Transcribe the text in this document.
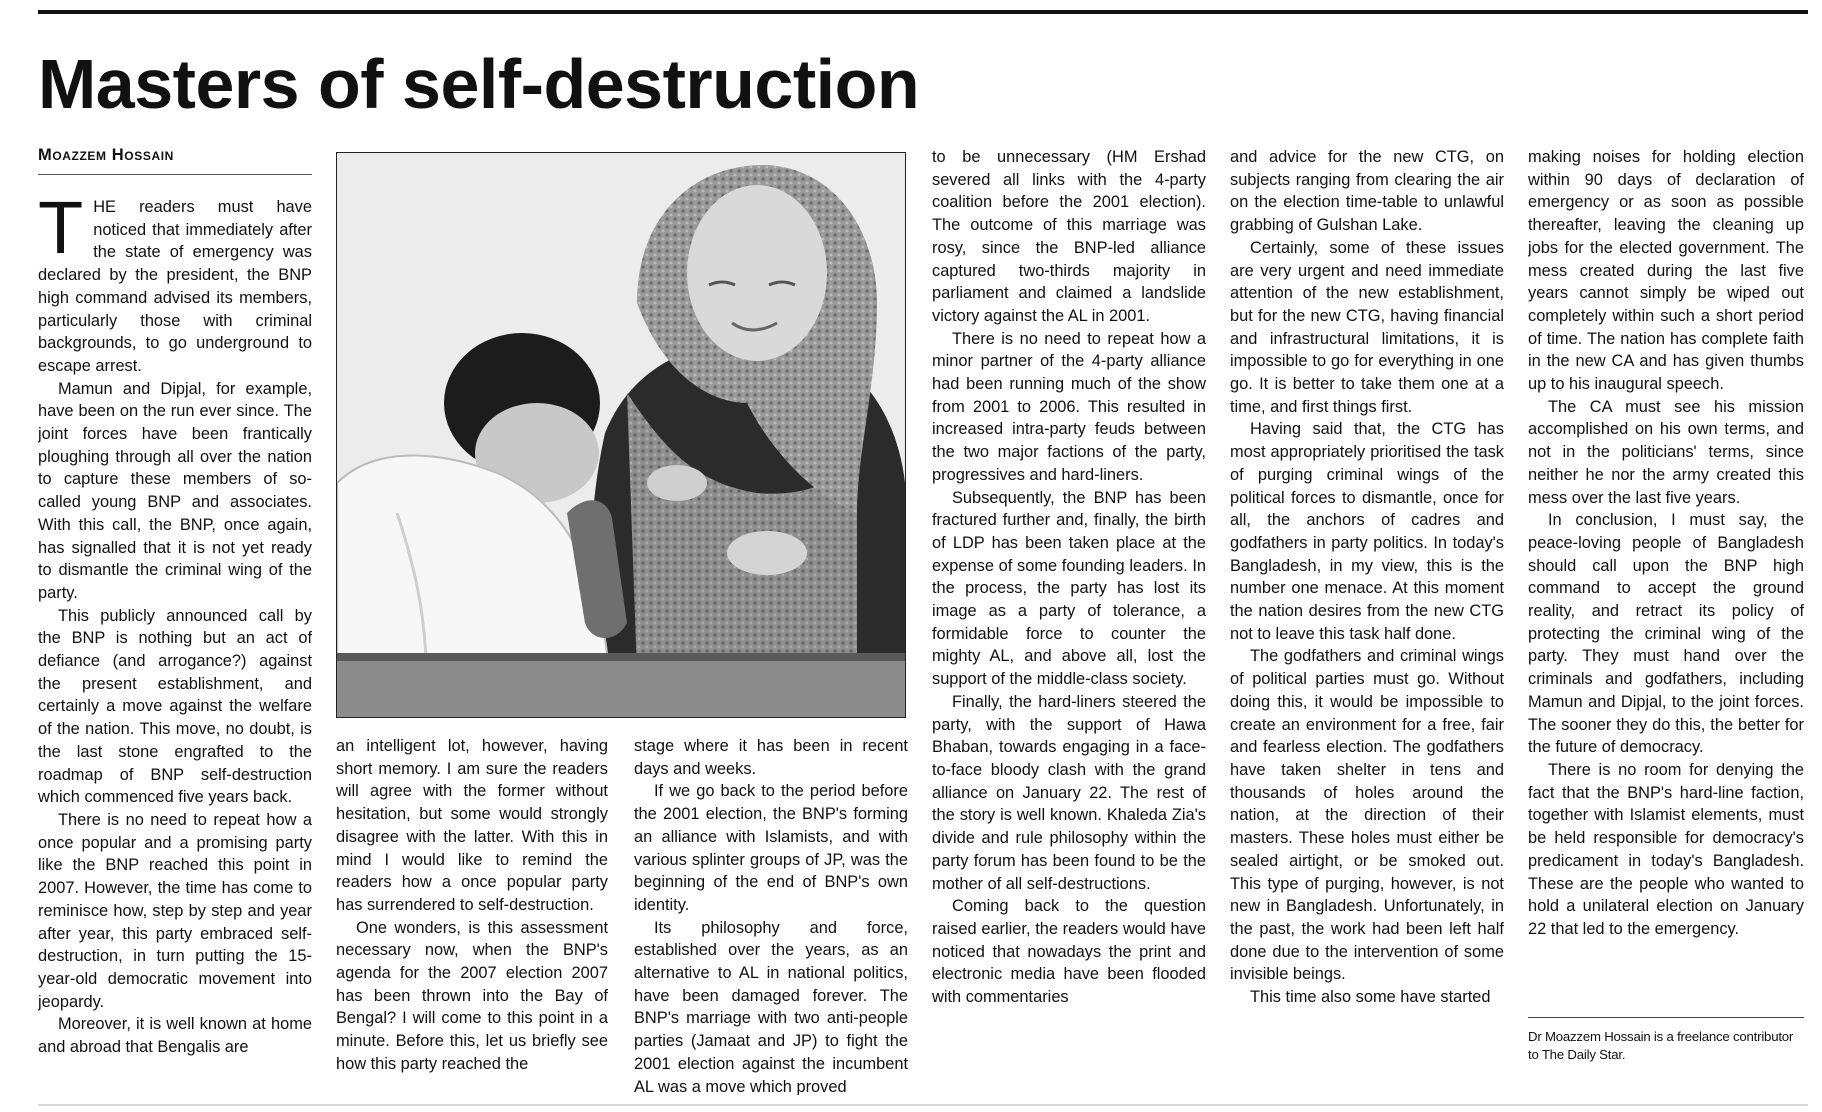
Masters of self-destruction
Moazzem Hossain

THE readers must have noticed that immediately after the state of emergency was declared by the president, the BNP high command advised its members, particularly those with criminal backgrounds, to go underground to escape arrest.

Mamun and Dipjal, for example, have been on the run ever since. The joint forces have been frantically ploughing through all over the nation to capture these members of so-called young BNP and associates. With this call, the BNP, once again, has signalled that it is not yet ready to dismantle the criminal wing of the party.

This publicly announced call by the BNP is nothing but an act of defiance (and arrogance?) against the present establishment, and certainly a move against the welfare of the nation. This move, no doubt, is the last stone engrafted to the roadmap of BNP self-destruction which commenced five years back.

There is no need to repeat how a once popular and a promising party like the BNP reached this point in 2007. However, the time has come to reminisce how, step by step and year after year, this party embraced self-destruction, in turn putting the 15-year-old democratic movement into jeopardy.

Moreover, it is well known at home and abroad that Bengalis are

an intelligent lot, however, having short memory. I am sure the readers will agree with the former without hesitation, but some would strongly disagree with the latter. With this in mind I would like to remind the readers how a once popular party has surrendered to self-destruction.

One wonders, is this assessment necessary now, when the BNP's agenda for the 2007 election 2007 has been thrown into the Bay of Bengal? I will come to this point in a minute. Before this, let us briefly see how this party reached the

stage where it has been in recent days and weeks.

If we go back to the period before the 2001 election, the BNP's forming an alliance with Islamists, and with various splinter groups of JP, was the beginning of the end of BNP's own identity.

Its philosophy and force, established over the years, as an alternative to AL in national politics, have been damaged forever. The BNP's marriage with two anti-people parties (Jamaat and JP) to fight the 2001 election against the incumbent AL was a move which proved

to be unnecessary (HM Ershad severed all links with the 4-party coalition before the 2001 election). The outcome of this marriage was rosy, since the BNP-led alliance captured two-thirds majority in parliament and claimed a landslide victory against the AL in 2001.

There is no need to repeat how a minor partner of the 4-party alliance had been running much of the show from 2001 to 2006. This resulted in increased intra-party feuds between the two major factions of the party, progressives and hard-liners.

Subsequently, the BNP has been fractured further and, finally, the birth of LDP has been taken place at the expense of some founding leaders. In the process, the party has lost its image as a party of tolerance, a formidable force to counter the mighty AL, and above all, lost the support of the middle-class society.

Finally, the hard-liners steered the party, with the support of Hawa Bhaban, towards engaging in a face-to-face bloody clash with the grand alliance on January 22. The rest of the story is well known. Khaleda Zia's divide and rule philosophy within the party forum has been found to be the mother of all self-destructions.

Coming back to the question raised earlier, the readers would have noticed that nowadays the print and electronic media have been flooded with commentaries

and advice for the new CTG, on subjects ranging from clearing the air on the election time-table to unlawful grabbing of Gulshan Lake.

Certainly, some of these issues are very urgent and need immediate attention of the new establishment, but for the new CTG, having financial and infrastructural limitations, it is impossible to go for everything in one go. It is better to take them one at a time, and first things first.

Having said that, the CTG has most appropriately prioritised the task of purging criminal wings of the political forces to dismantle, once for all, the anchors of cadres and godfathers in party politics. In today's Bangladesh, in my view, this is the number one menace. At this moment the nation desires from the new CTG not to leave this task half done.

The godfathers and criminal wings of political parties must go. Without doing this, it would be impossible to create an environment for a free, fair and fearless election. The godfathers have taken shelter in tens and thousands of holes around the nation, at the direction of their masters. These holes must either be sealed airtight, or be smoked out. This type of purging, however, is not new in Bangladesh. Unfortunately, in the past, the work had been left half done due to the intervention of some invisible beings.

This time also some have started

making noises for holding election within 90 days of declaration of emergency or as soon as possible thereafter, leaving the cleaning up jobs for the elected government. The mess created during the last five years cannot simply be wiped out completely within such a short period of time. The nation has complete faith in the new CA and has given thumbs up to his inaugural speech.

The CA must see his mission accomplished on his own terms, and not in the politicians' terms, since neither he nor the army created this mess over the last five years.

In conclusion, I must say, the peace-loving people of Bangladesh should call upon the BNP high command to accept the ground reality, and retract its policy of protecting the criminal wing of the party. They must hand over the criminals and godfathers, including Mamun and Dipjal, to the joint forces. The sooner they do this, the better for the future of democracy.

There is no room for denying the fact that the BNP's hard-line faction, together with Islamist elements, must be held responsible for democracy's predicament in today's Bangladesh. These are the people who wanted to hold a unilateral election on January 22 that led to the emergency.

Dr Moazzem Hossain is a freelance contributor to The Daily Star.
